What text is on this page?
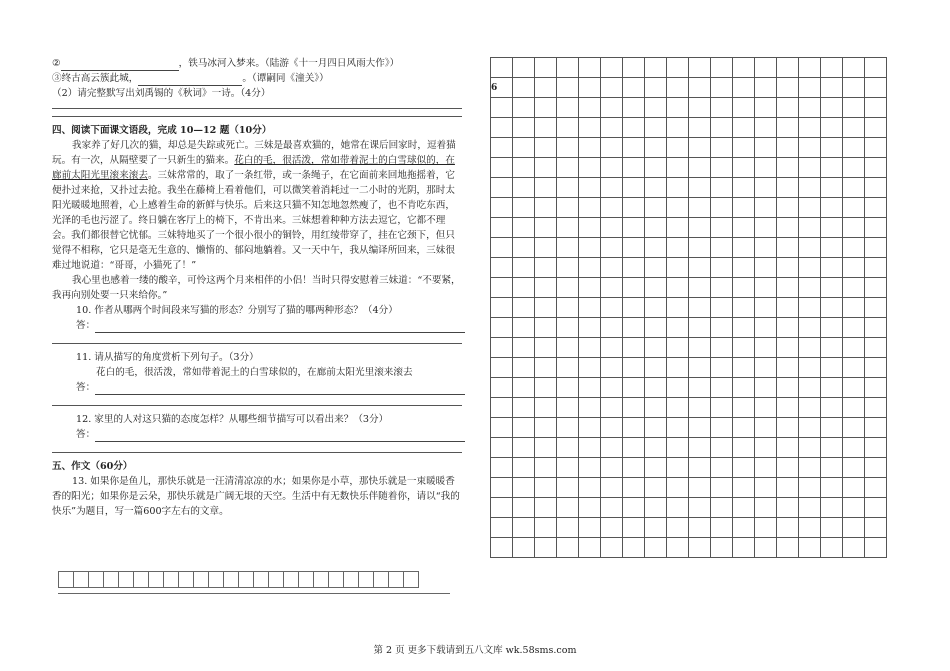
②	，铁马冰河入梦来。（陆游《十一月四日风雨大作》）
③终古高云簇此城，	。（谭嗣同《潼关》）
（2）请完整默写出刘禹锡的《秋词》一诗。（4分）
四、阅读下面课文语段，完成 10—12 题（10分）
我家养了好几次的猫，却总是失踪或死亡。三妹是最喜欢猫的，她常在课后回家时，逗着猫玩。有一次，从隔壁要了一只新生的猫来。花白的毛，很活泼，常如带着泥土的白雪球似的，在廊前太阳光里滚来滚去。三妹常常的，取了一条红带，或一条绳子，在它面前来回地拖摇着，它便扑过来抢，又扑过去抢。我坐在藤椅上看着他们，可以微笑着消耗过一二小时的光阴，那时太阳光暖暖地照着，心上感着生命的新鲜与快乐。后来这只猫不知怎地忽然瘦了，也不肯吃东西，光泽的毛也污涩了。终日躺在客厅上的椅下，不肯出来。三妹想着种种方法去逗它，它都不理会。我们都很替它忧郁。三妹特地买了一个很小很小的铜铃，用红绫带穿了，挂在它颈下，但只觉得不相称，它只是毫无生意的、懒惰的、郁闷地躺着。又一天中午，我从编译所回来，三妹很难过地说道：“哥哥，小猫死了！”
我心里也感着一缕的酸辛，可怜这两个月来相伴的小侣！当时只得安慰着三妹道：“不要紧，我再向别处要一只来给你。”
10. 作者从哪两个时间段来写猫的形态？分别写了猫的哪两种形态？（4分）
答：
11. 请从描写的角度赏析下列句子。（3分）
花白的毛，很活泼，常如带着泥土的白雪球似的，在廊前太阳光里滚来滚去
答：
12. 家里的人对这只猫的态度怎样？从哪些细节描写可以看出来？（3分）
答：
五、作文（60分）
13. 如果你是鱼儿，那快乐就是一汪清清凉凉的水；如果你是小草，那快乐就是一束暖暖香香的阳光；如果你是云朵，那快乐就是广阔无垠的天空。生活中有无数快乐伴随着你，请以“我的快乐”为题目，写一篇600字左右的文章。

6																	

第 2 页 更多下载请到五八文库 wk.58sms.com
